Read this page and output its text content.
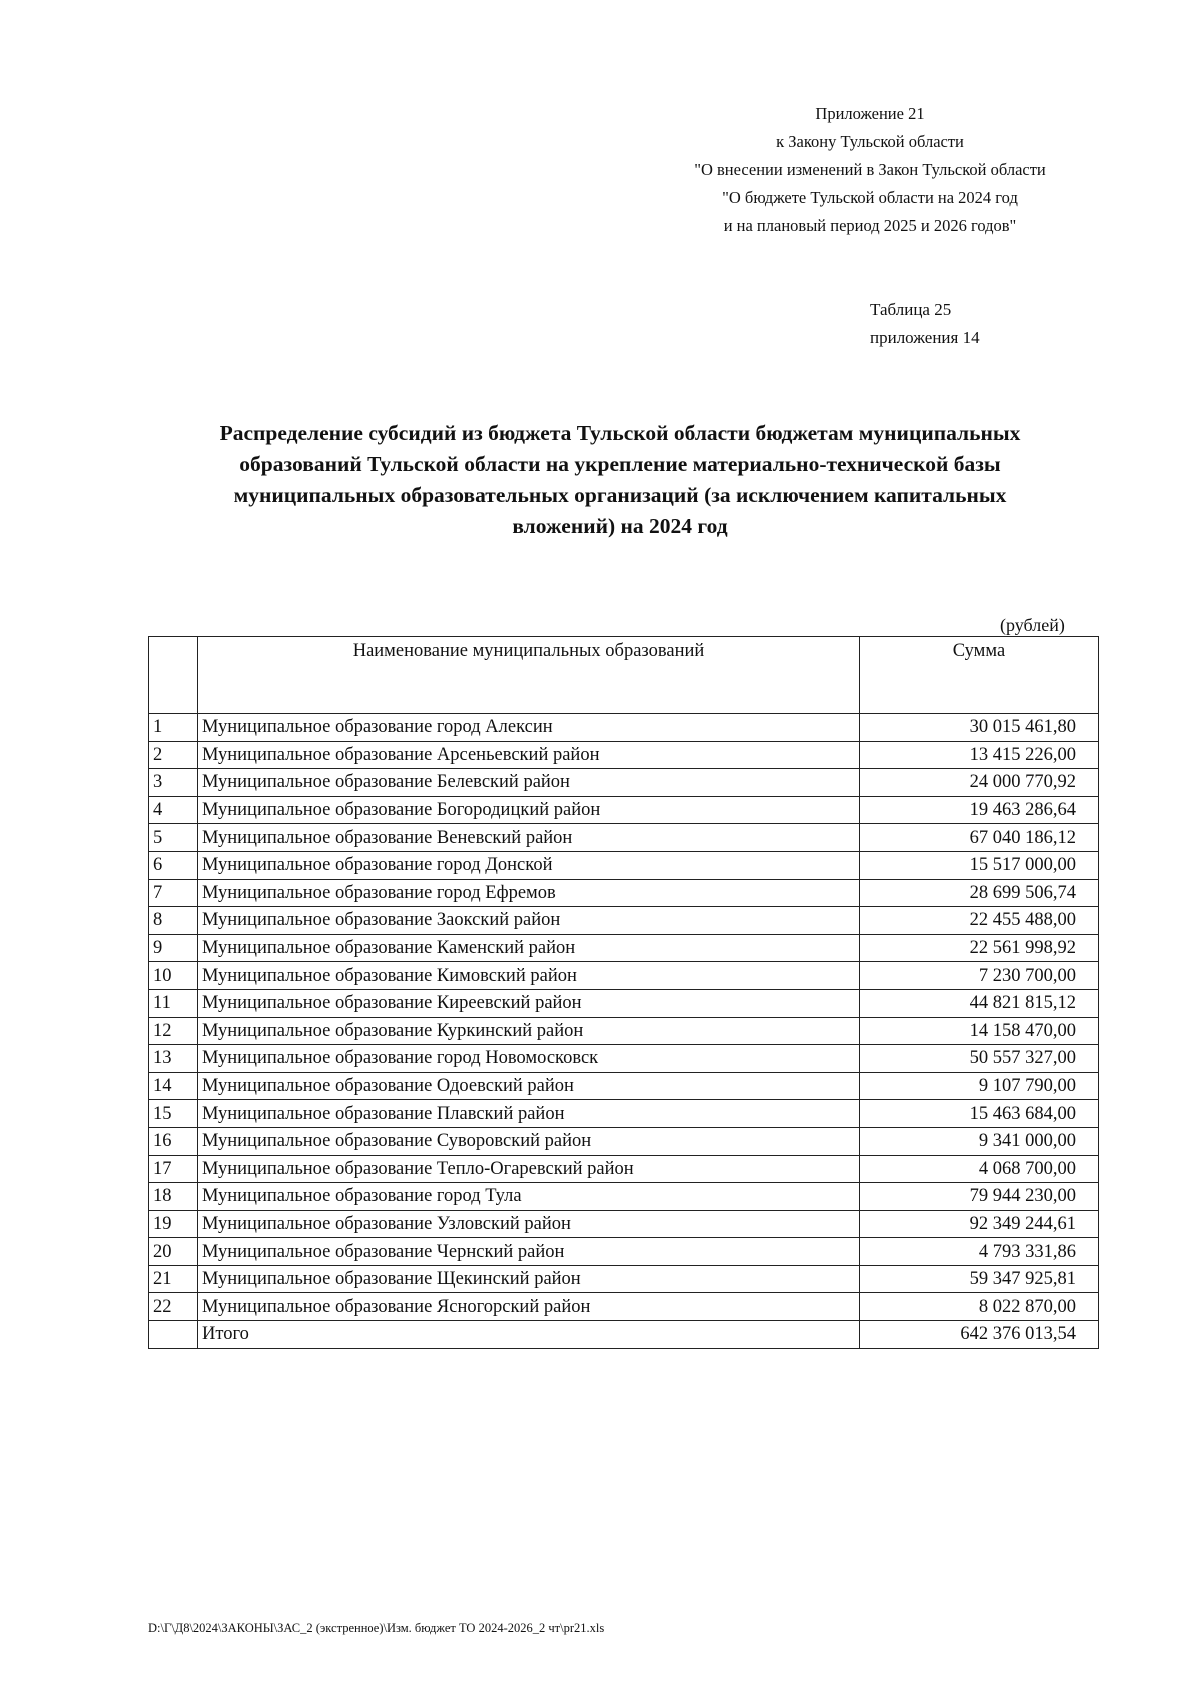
Приложение 21
к Закону Тульской области
"О внесении изменений в Закон Тульской области
"О бюджете Тульской области на 2024 год
и на плановый период 2025 и 2026 годов"
Таблица 25
приложения 14
Распределение субсидий из бюджета Тульской области бюджетам муниципальных
образований Тульской области на укрепление материально-технической базы
муниципальных образовательных организаций (за исключением капитальных
вложений) на 2024 год
(рублей)
	Наименование муниципальных образований	Сумма
1	Муниципальное образование город Алексин	30 015 461,80
2	Муниципальное образование Арсеньевский район	13 415 226,00
3	Муниципальное образование Белевский район	24 000 770,92
4	Муниципальное образование Богородицкий район	19 463 286,64
5	Муниципальное образование Веневский район	67 040 186,12
6	Муниципальное образование город Донской	15 517 000,00
7	Муниципальное образование город Ефремов	28 699 506,74
8	Муниципальное образование Заокский район	22 455 488,00
9	Муниципальное образование Каменский район	22 561 998,92
10	Муниципальное образование Кимовский район	7 230 700,00
11	Муниципальное образование Киреевский район	44 821 815,12
12	Муниципальное образование Куркинский район	14 158 470,00
13	Муниципальное образование город Новомосковск	50 557 327,00
14	Муниципальное образование Одоевский район	9 107 790,00
15	Муниципальное образование Плавский район	15 463 684,00
16	Муниципальное образование Суворовский район	9 341 000,00
17	Муниципальное образование Тепло-Огаревский район	4 068 700,00
18	Муниципальное образование город Тула	79 944 230,00
19	Муниципальное образование Узловский район	92 349 244,61
20	Муниципальное образование Чернский район	4 793 331,86
21	Муниципальное образование Щекинский район	59 347 925,81
22	Муниципальное образование Ясногорский район	8 022 870,00
	Итого	642 376 013,54
D:\Г\Д8\2024\ЗАКОНЫ\ЗАС_2 (экстренное)\Изм. бюджет ТО 2024-2026_2 чт\pr21.xls
